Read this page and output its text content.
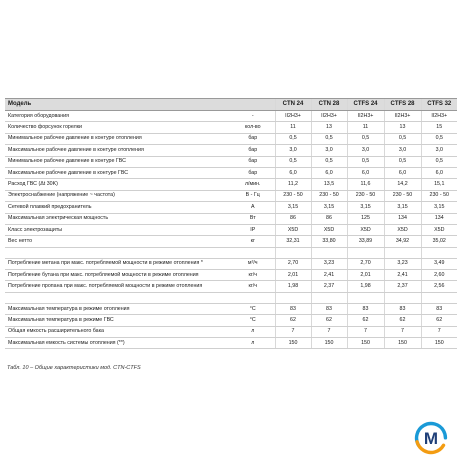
Модель		CTN 24	CTN 28	CTFS 24	CTFS 28	CTFS 32
Категория оборудования	-	II2H3+	II2H3+	II2H3+	II2H3+	II2H3+
Количество форсунок горелки	кол-во	11	13	11	13	15
Минимальное рабочее давление в контуре отопления	бар	0,5	0,5	0,5	0,5	0,5
Максимальное рабочее давление в контуре отопления	бар	3,0	3,0	3,0	3,0	3,0
Минимальное рабочее давление в контуре ГВС	бар	0,5	0,5	0,5	0,5	0,5
Максимальное рабочее давление в контуре ГВС	бар	6,0	6,0	6,0	6,0	6,0
Расход ГВС (Δt 30K)	л/мин.	11,2	13,5	11,6	14,2	15,1
Электроснабжение (напряжение ~ частота)	В - Гц	230 - 50	230 - 50	230 - 50	230 - 50	230 - 50
Сетевой плавкий предохранитель	A	3,15	3,15	3,15	3,15	3,15
Максимальная электрическая мощность	Вт	86	86	125	134	134
Класс электрозащиты	IP	X5D	X5D	X5D	X5D	X5D
Вес нетто	кг	32,31	33,80	33,89	34,92	35,02

Потребление метана при макс. потребляемой мощности в режиме отопления *	м³/ч	2,70	3,23	2,70	3,23	3,49
Потребление бутана при макс. потребляемой мощности в режиме отопления	кг/ч	2,01	2,41	2,01	2,41	2,60
Потребление пропана при макс. потребляемой мощности в режиме отопления	кг/ч	1,98	2,37	1,98	2,37	2,56

Максимальная температура в режиме отопления	°C	83	83	83	83	83
Максимальная температура в режиме ГВС	°C	62	62	62	62	62
Общая емкость расширительного бака	л	7	7	7	7	7
Максимальная емкость системы отопления (**)	л	150	150	150	150	150
Табл. 10 – Общие характеристики мод. CTN-CTFS
M
